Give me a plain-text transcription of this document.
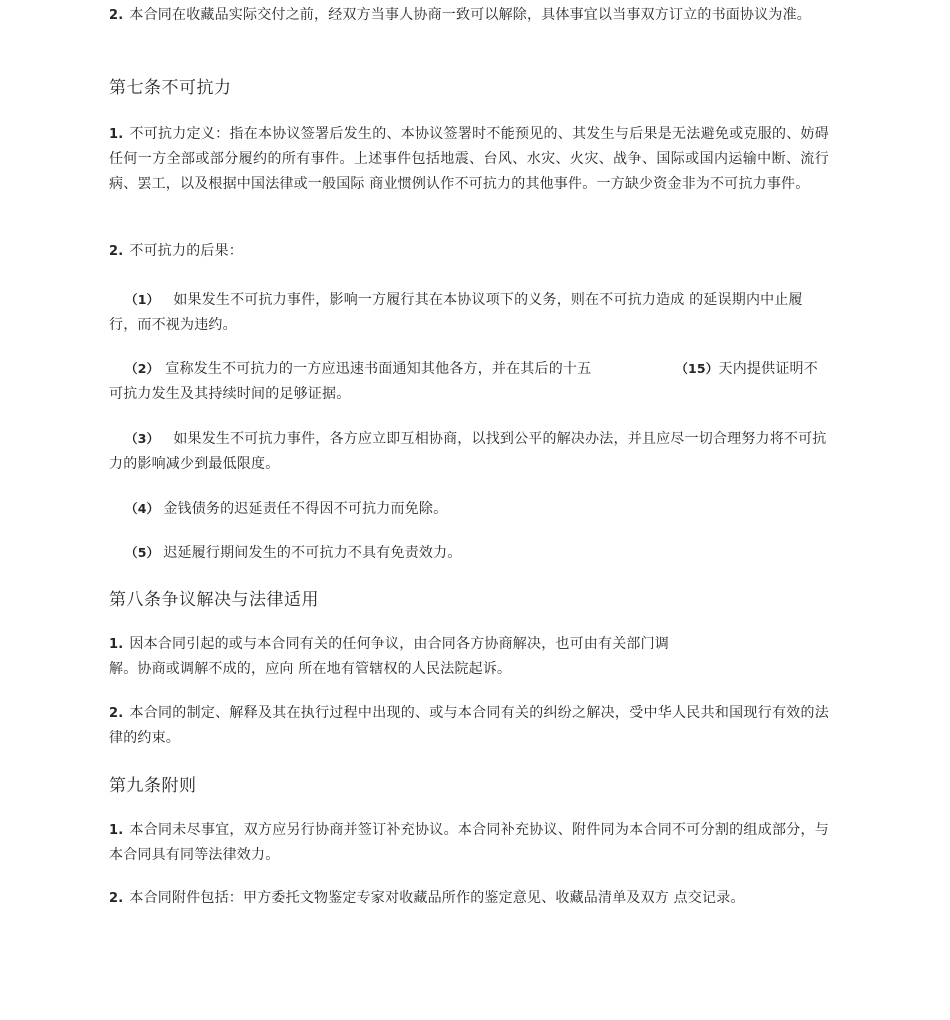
2. 本合同在收藏品实际交付之前，经双方当事人协商一致可以解除，具体事宜以当事双方订立的书面协议为准。

第七条不可抗力

1. 不可抗力定义：指在本协议签署后发生的、本协议签署时不能预见的、其发生与后果是无法避免或克服的、妨碍任何一方全部或部分履约的所有事件。上述事件包括地震、台风、水灾、火灾、战争、国际或国内运输中断、流行病、罢工，以及根据中国法律或一般国际 商业惯例认作不可抗力的其他事件。一方缺少资金非为不可抗力事件。

2. 不可抗力的后果：

（1） 如果发生不可抗力事件，影响一方履行其在本协议项下的义务，则在不可抗力造成 的延误期内中止履行，而不视为违约。

（2） 宣称发生不可抗力的一方应迅速书面通知其他各方，并在其后的十五	（15）天内提供证明不可抗力发生及其持续时间的足够证据。

（3） 如果发生不可抗力事件，各方应立即互相协商，以找到公平的解决办法，并且应尽一切合理努力将不可抗力的影响减少到最低限度。

（4） 金钱债务的迟延责任不得因不可抗力而免除。

（5） 迟延履行期间发生的不可抗力不具有免责效力。

第八条争议解决与法律适用

1. 因本合同引起的或与本合同有关的任何争议，由合同各方协商解决，也可由有关部门调
解。协商或调解不成的，应向 所在地有管辖权的人民法院起诉。

2. 本合同的制定、解释及其在执行过程中出现的、或与本合同有关的纠纷之解决，受中华人民共和国现行有效的法律的约束。

第九条附则

1. 本合同未尽事宜，双方应另行协商并签订补充协议。本合同补充协议、附件同为本合同不可分割的组成部分，与本合同具有同等法律效力。

2. 本合同附件包括：甲方委托文物鉴定专家对收藏品所作的鉴定意见、收藏品清单及双方 点交记录。
